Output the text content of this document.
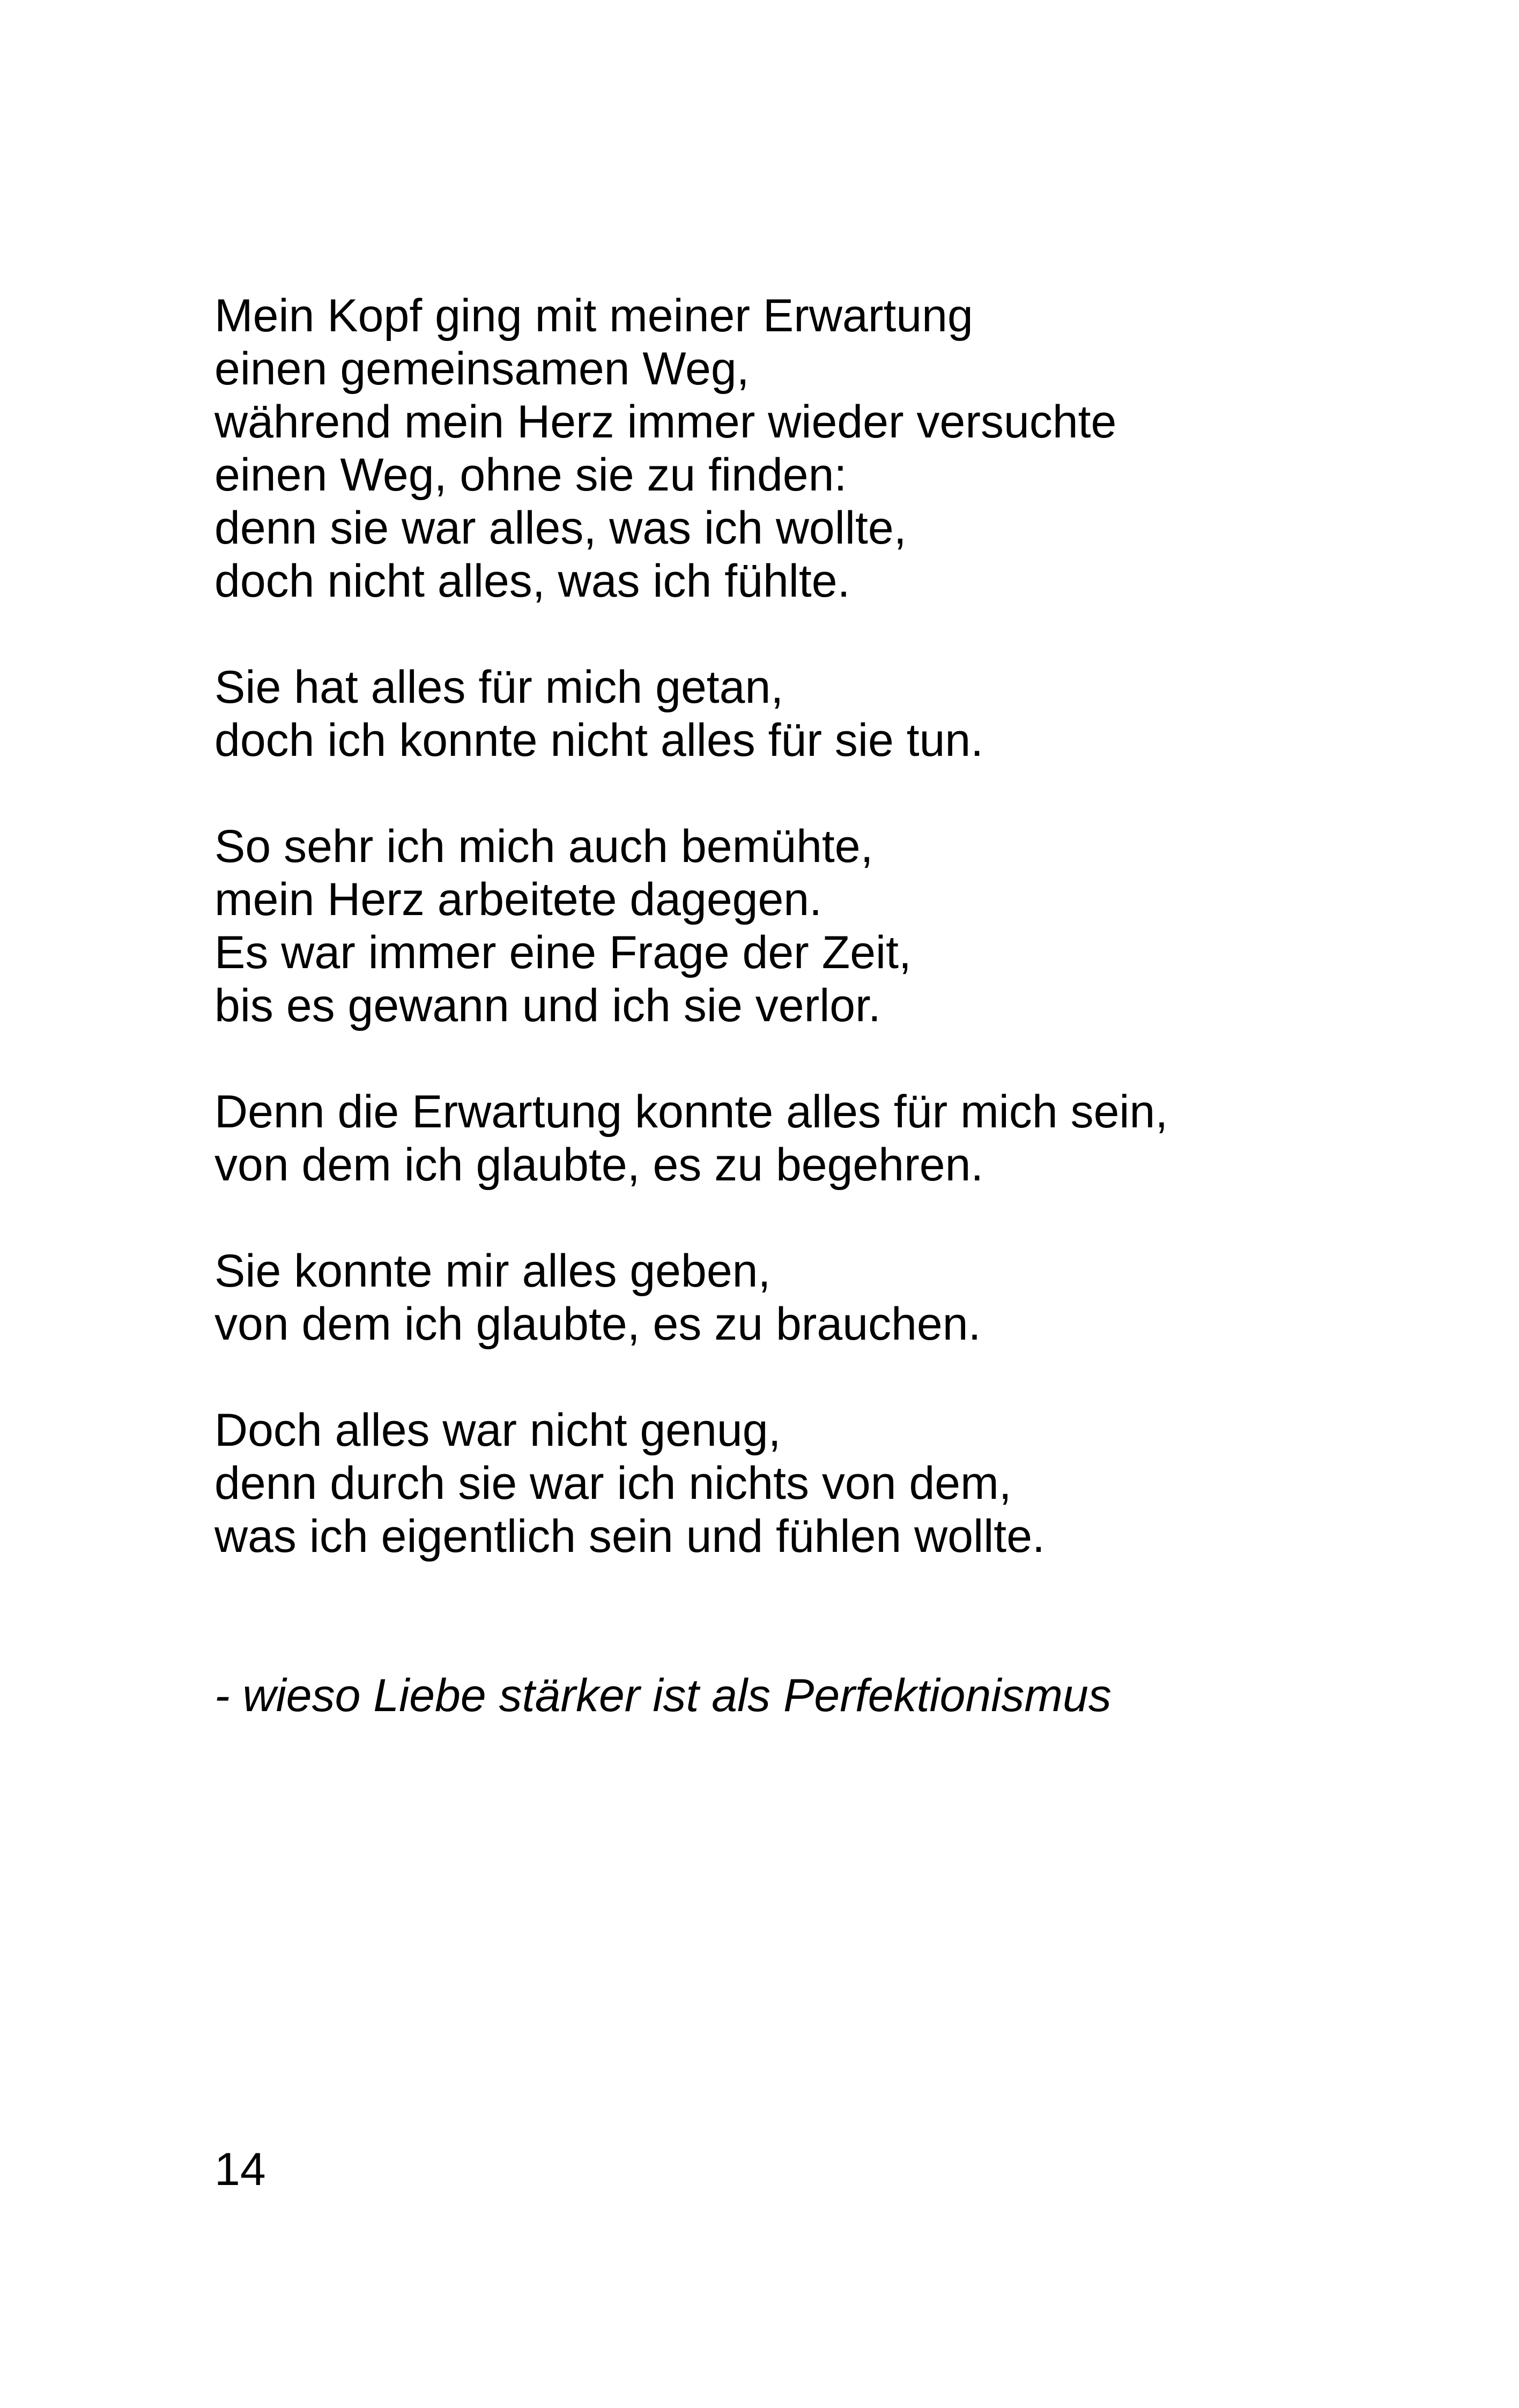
Mein Kopf ging mit meiner Erwartung
einen gemeinsamen Weg,
während mein Herz immer wieder versuchte
einen Weg, ohne sie zu finden:
denn sie war alles, was ich wollte,
doch nicht alles, was ich fühlte.
Sie hat alles für mich getan,
doch ich konnte nicht alles für sie tun.
So sehr ich mich auch bemühte,
mein Herz arbeitete dagegen.
Es war immer eine Frage der Zeit,
bis es gewann und ich sie verlor.
Denn die Erwartung konnte alles für mich sein,
von dem ich glaubte, es zu begehren.
Sie konnte mir alles geben,
von dem ich glaubte, es zu brauchen.
Doch alles war nicht genug,
denn durch sie war ich nichts von dem,
was ich eigentlich sein und fühlen wollte.
- wieso Liebe stärker ist als Perfektionismus
14
